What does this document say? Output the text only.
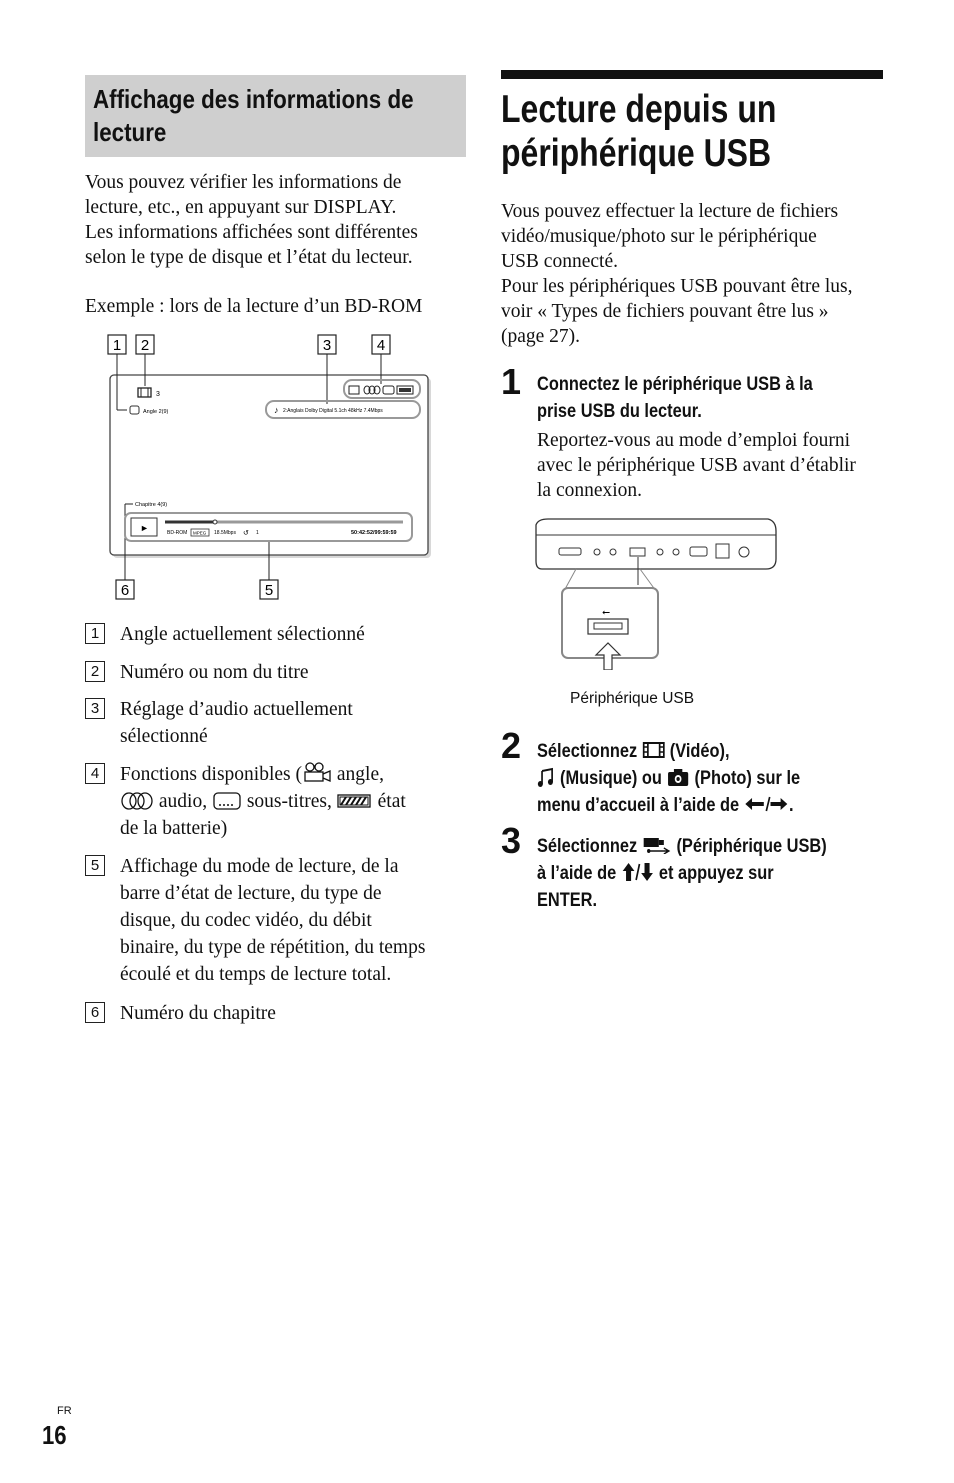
Affichage des informations de
lecture
Vous pouvez vérifier les informations de
lecture, etc., en appuyant sur DISPLAY.
Les informations affichées sont différentes
selon le type de disque et l’état du lecteur.
Exemple : lors de la lecture d’un BD-ROM
1 2	3	4
3
Angle 2(9)	♪ 2:Anglais Dolby Digital 5.1ch 48kHz 7.4Mbps
Chapitre 4(9)
►	BD-ROM MPEG 18.5Mbps ↺ 1	50:42:52/99:59:59
6	5
1 Angle actuellement sélectionné
2 Numéro ou nom du titre
3 Réglage d’audio actuellement
sélectionné
4 Fonctions disponibles ( angle,
audio,  sous-titres,  état
de la batterie)
5 Affichage du mode de lecture, de la
barre d’état de lecture, du type de
disque, du codec vidéo, du débit
binaire, du type de répétition, du temps
écoulé et du temps de lecture total.
6 Numéro du chapitre
Lecture depuis un
périphérique USB
Vous pouvez effectuer la lecture de fichiers
vidéo/musique/photo sur le périphérique
USB connecté.
Pour les périphériques USB pouvant être lus,
voir « Types de fichiers pouvant être lus »
(page 27).
1 Connectez le périphérique USB à la
prise USB du lecteur.
Reportez-vous au mode d’emploi fourni
avec le périphérique USB avant d’établir
la connexion.
⭠
Périphérique USB
2 Sélectionnez  (Vidéo),
(Musique) ou  (Photo) sur le
menu d’accueil à l’aide de .
3 Sélectionnez  (Périphérique USB)
à l’aide de  et appuyez sur
ENTER.
FR
16
